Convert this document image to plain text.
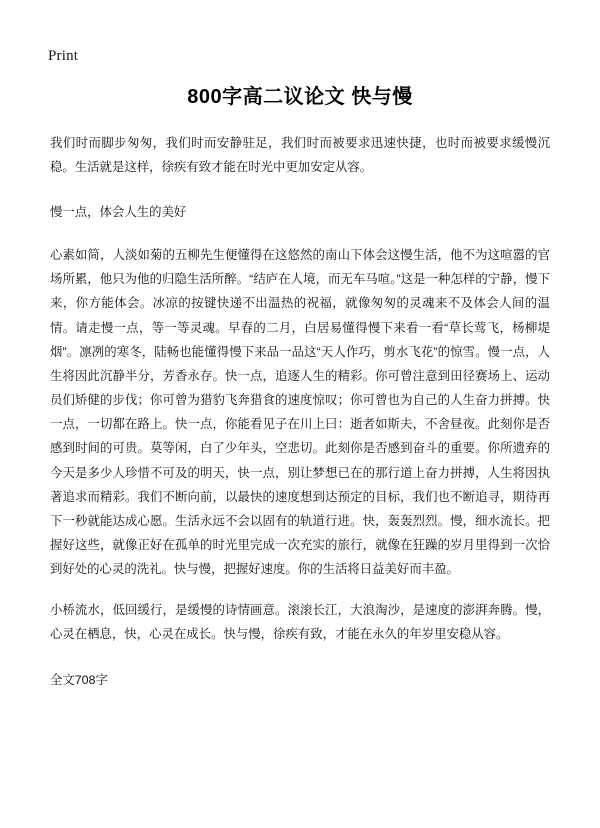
Print
800字高二议论文 快与慢

我们时而脚步匆匆，我们时而安静驻足，我们时而被要求迅速快捷，也时而被要求缓慢沉稳。生活就是这样，徐疾有致才能在时光中更加安定从容。

慢一点，体会人生的美好

心素如简，人淡如菊的五柳先生便懂得在这悠然的南山下体会这慢生活，他不为这喧嚣的官场所累，他只为他的归隐生活所醉。“结庐在人境，而无车马喧。”这是一种怎样的宁静，慢下来，你方能体会。冰凉的按键快递不出温热的祝福，就像匆匆的灵魂来不及体会人间的温情。请走慢一点，等一等灵魂。早春的二月，白居易懂得慢下来看一看“草长莺飞，杨柳堤烟”。凛冽的寒冬，陆畅也能懂得慢下来品一品这“天人作巧，剪水飞花”的惊雪。慢一点，人生将因此沉静半分，芳香永存。快一点，追逐人生的精彩。你可曾注意到田径赛场上、运动员们矫健的步伐；你可曾为猎豹飞奔猎食的速度惊叹；你可曾也为自己的人生奋力拼搏。快一点，一切都在路上。快一点，你能看见子在川上曰：逝者如斯夫，不舍昼夜。此刻你是否感到时间的可贵。莫等闲，白了少年头，空悲切。此刻你是否感到奋斗的重要。你所遗弃的今天是多少人珍惜不可及的明天，快一点，别让梦想已在的那行道上奋力拼搏，人生将因执著追求而精彩。我们不断向前，以最快的速度想到达预定的目标，我们也不断追寻，期待再下一秒就能达成心愿。生活永远不会以固有的轨道行进。快，轰轰烈烈。慢，细水流长。把握好这些，就像正好在孤单的时光里完成一次充实的旅行，就像在狂躁的岁月里得到一次恰到好处的心灵的洗礼。快与慢，把握好速度。你的生活将日益美好而丰盈。

小桥流水，低回缓行，是缓慢的诗情画意。滚滚长江，大浪淘沙，是速度的澎湃奔腾。慢，心灵在栖息，快，心灵在成长。快与慢，徐疾有致，才能在永久的年岁里安稳从容。

全文708字
